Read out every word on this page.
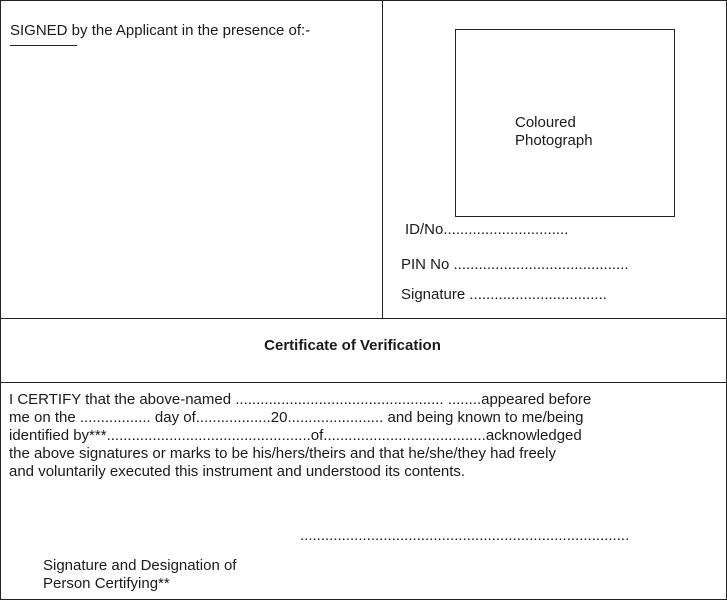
SIGNED by the Applicant in the presence of:-
Coloured
Photograph
ID/No..............................
PIN No ..........................................
Signature .................................
Certificate of Verification
I CERTIFY that the above-named .................................................. ........appeared before
me on the ................. day of..................20....................... and being known to me/being
identified by***.................................................of.......................................acknowledged
the above signatures or marks to be his/hers/theirs and that he/she/they had freely
and voluntarily executed this instrument and understood its contents.
...............................................................................
Signature and Designation of
Person Certifying**
